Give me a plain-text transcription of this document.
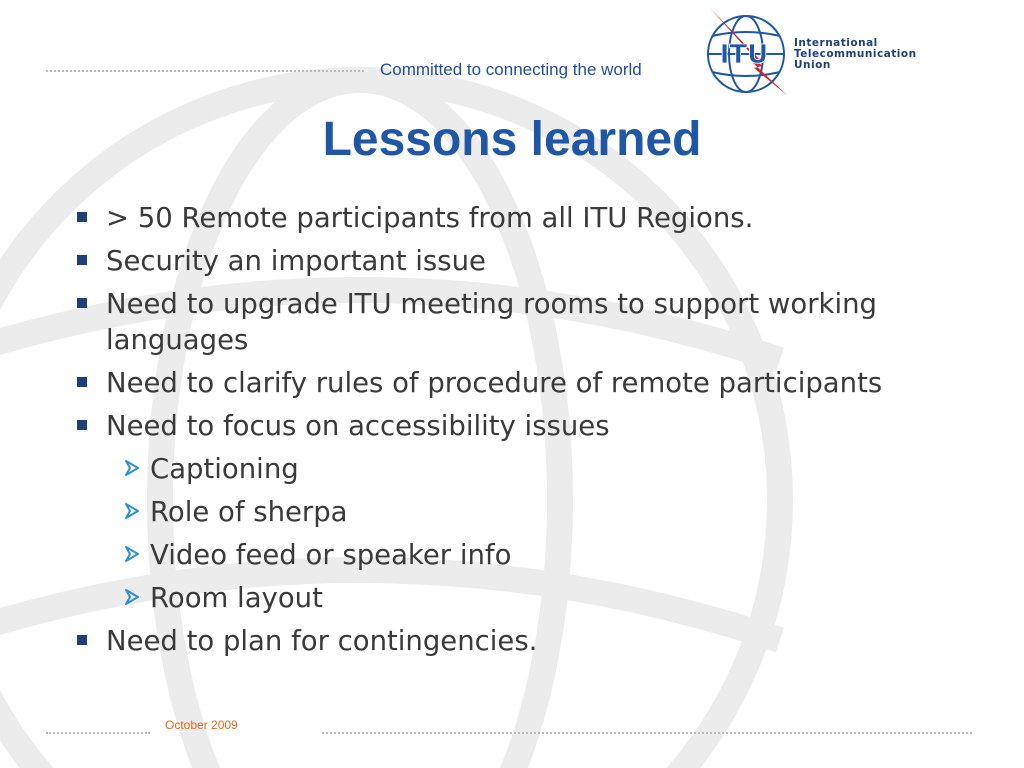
Committed to connecting the world	ITU International
Telecommunication
Union
Lessons learned
> 50 Remote participants from all ITU Regions.
Security an important issue
Need to upgrade ITU meeting rooms to support working languages
Need to clarify rules of procedure of remote participants
Need to focus on accessibility issues
Captioning
Role of sherpa
Video feed or speaker info
Room layout
Need to plan for contingencies.
October 2009
